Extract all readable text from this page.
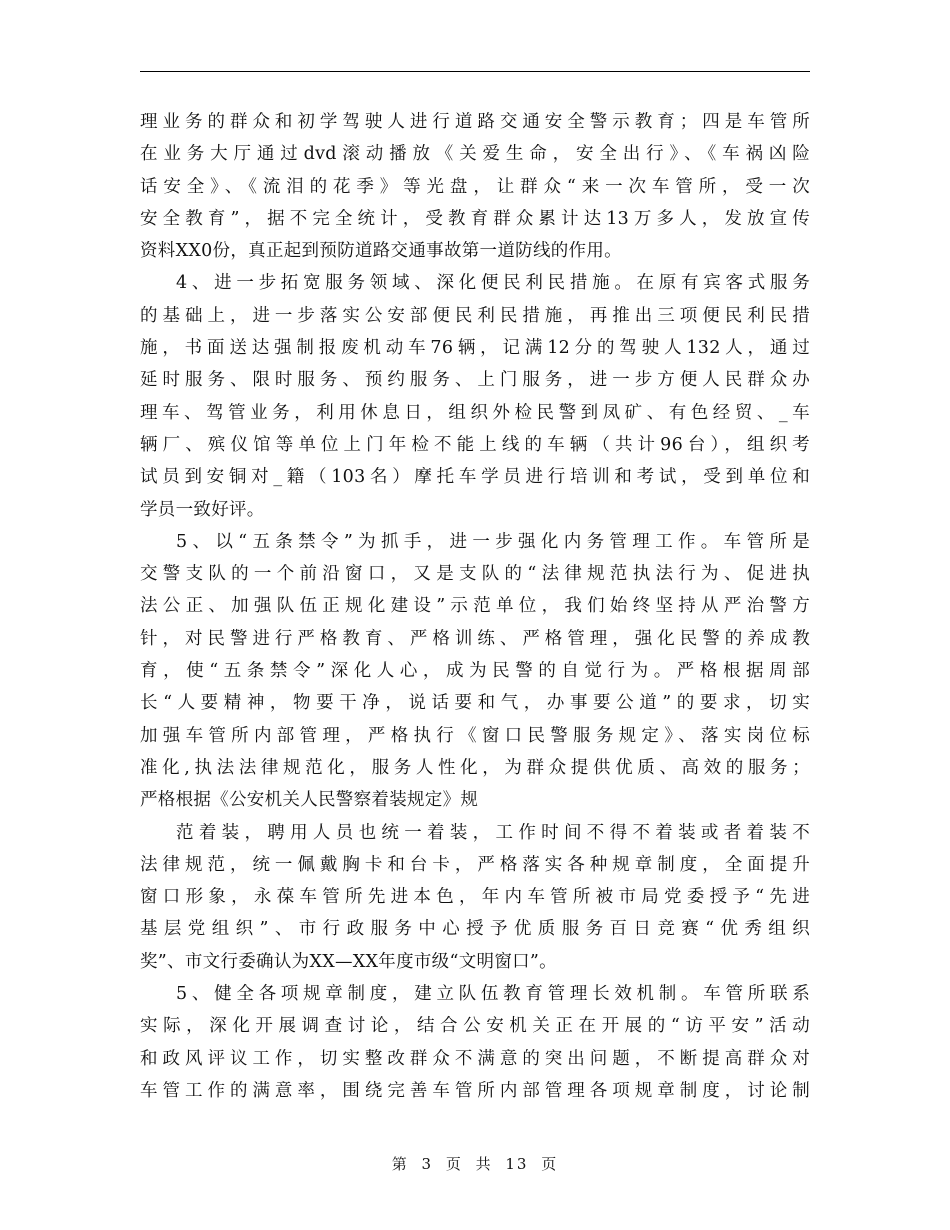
理业务的群众和初学驾驶人进行道路交通安全警示教育；四是车管所
在业务大厅通过dvd滚动播放《关爱生命，安全出行》、《车祸凶险
话安全》、《流泪的花季》等光盘，让群众“来一次车管所，受一次
安全教育”，据不完全统计，受教育群众累计达13万多人，发放宣传
资料XX0份，真正起到预防道路交通事故第一道防线的作用。
4、进一步拓宽服务领域、深化便民利民措施。在原有宾客式服务
的基础上，进一步落实公安部便民利民措施，再推出三项便民利民措
施，书面送达强制报废机动车76辆，记满12分的驾驶人132人，通过
延时服务、限时服务、预约服务、上门服务，进一步方便人民群众办
理车、驾管业务，利用休息日，组织外检民警到凤矿、有色经贸、_车
辆厂、殡仪馆等单位上门年检不能上线的车辆（共计96台），组织考
试员到安铜对_籍（103名）摩托车学员进行培训和考试，受到单位和
学员一致好评。
5、以“五条禁令”为抓手，进一步强化内务管理工作。车管所是
交警支队的一个前沿窗口，又是支队的“法律规范执法行为、促进执
法公正、加强队伍正规化建设”示范单位，我们始终坚持从严治警方
针，对民警进行严格教育、严格训练、严格管理，强化民警的养成教
育，使“五条禁令”深化人心，成为民警的自觉行为。严格根据周部
长“人要精神，物要干净，说话要和气，办事要公道”的要求，切实
加强车管所内部管理，严格执行《窗口民警服务规定》、落实岗位标
准化,执法法律规范化，服务人性化，为群众提供优质、高效的服务；
严格根据《公安机关人民警察着装规定》规
范着装，聘用人员也统一着装，工作时间不得不着装或者着装不
法律规范，统一佩戴胸卡和台卡，严格落实各种规章制度，全面提升
窗口形象，永葆车管所先进本色，年内车管所被市局党委授予“先进
基层党组织”、市行政服务中心授予优质服务百日竞赛“优秀组织
奖”、市文行委确认为XX—XX年度市级“文明窗口”。
5、健全各项规章制度，建立队伍教育管理长效机制。车管所联系
实际，深化开展调查讨论，结合公安机关正在开展的“访平安”活动
和政风评议工作，切实整改群众不满意的突出问题，不断提高群众对
车管工作的满意率，围绕完善车管所内部管理各项规章制度，讨论制
第 3 页 共 13 页
